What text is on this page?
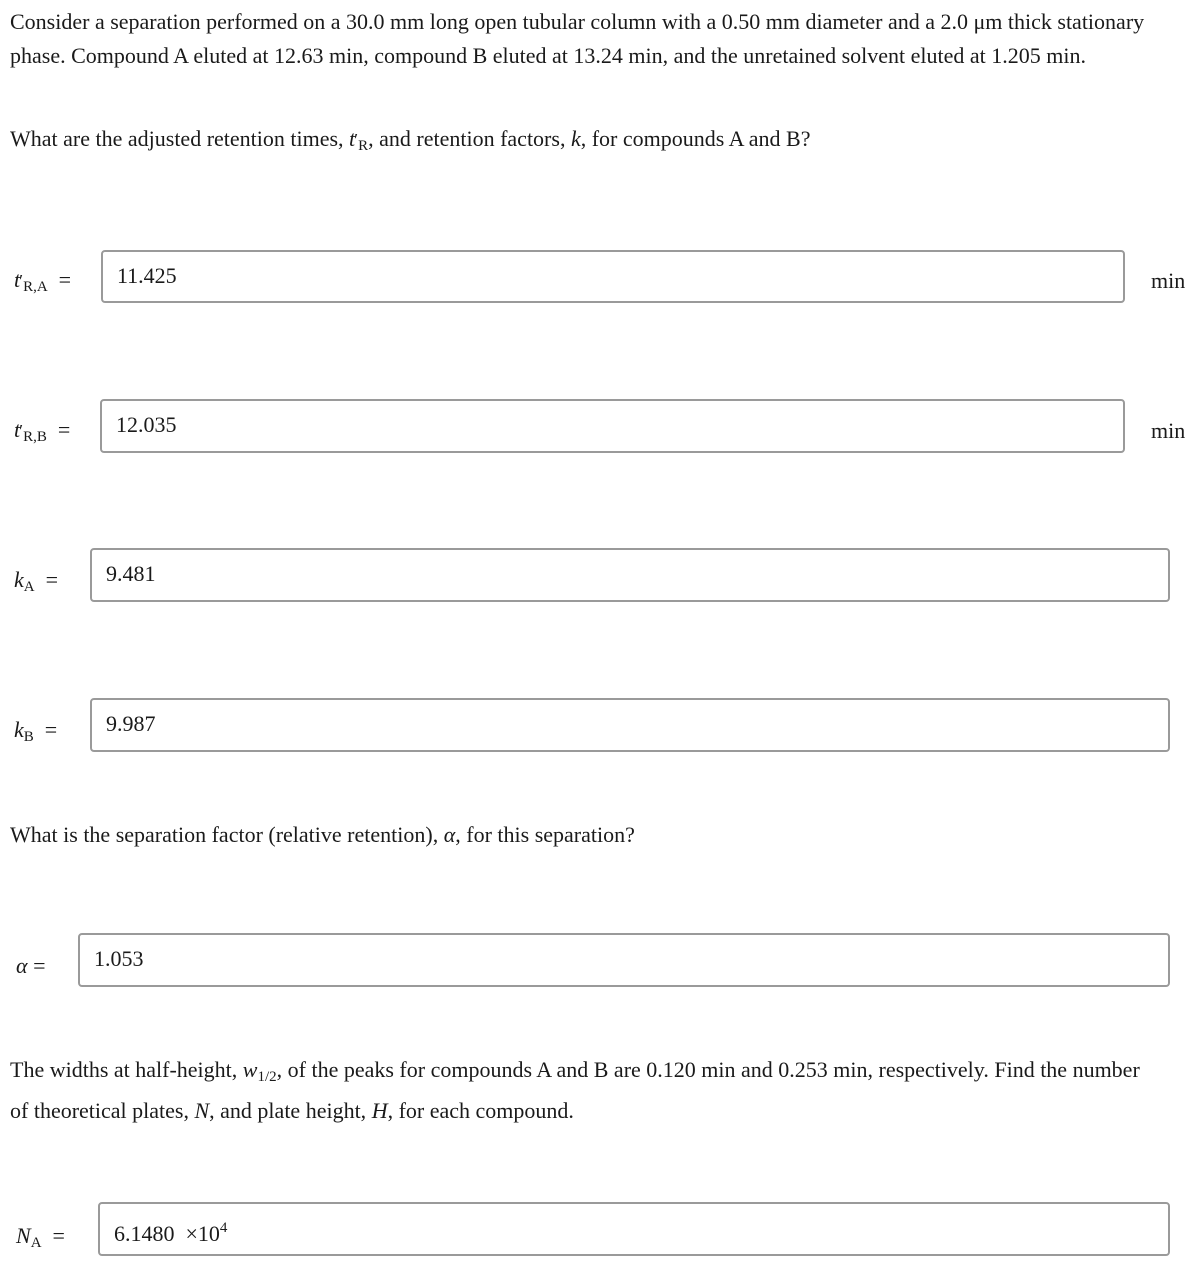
Consider a separation performed on a 30.0 mm long open tubular column with a 0.50 mm diameter and a 2.0 μm thick stationary phase. Compound A eluted at 12.63 min, compound B eluted at 13.24 min, and the unretained solvent eluted at 1.205 min.

What are the adjusted retention times, $t'_R$, and retention factors, k, for compounds A and B?

$t'_{R,A}$ =	11.425	min
$t'_{R,B}$ =	12.035	min
$k_A$ =	9.481
$k_B$ =	9.987

What is the separation factor (relative retention), α, for this separation?

α =	1.053

The widths at half-height, $w_{1/2}$, of the peaks for compounds A and B are 0.120 min and 0.253 min, respectively. Find the number of theoretical plates, N, and plate height, H, for each compound.

$N_A$ =	$6.1480 \times 10^4$
